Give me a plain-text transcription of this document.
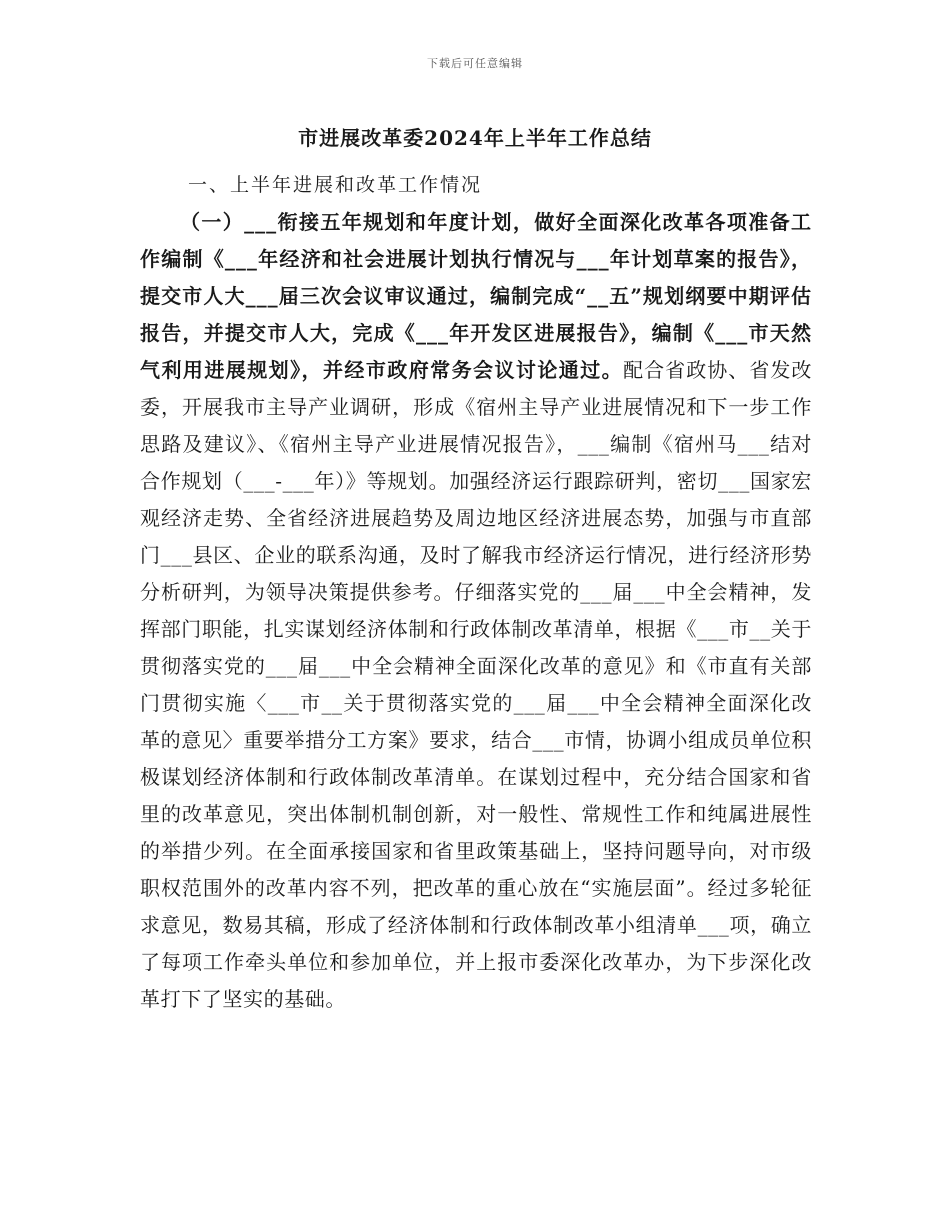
下载后可任意编辑
市进展改革委2024年上半年工作总结
一、上半年进展和改革工作情况

（一）___衔接五年规划和年度计划，做好全面深化改革各项准备工作编制《___年经济和社会进展计划执行情况与___年计划草案的报告》，提交市人大___届三次会议审议通过，编制完成“__五”规划纲要中期评估报告，并提交市人大，完成《___年开发区进展报告》，编制《___市天然气利用进展规划》，并经市政府常务会议讨论通过。配合省政协、省发改委，开展我市主导产业调研，形成《宿州主导产业进展情况和下一步工作思路及建议》、《宿州主导产业进展情况报告》，___编制《宿州马___结对合作规划（___-___年）》等规划。加强经济运行跟踪研判，密切___国家宏观经济走势、全省经济进展趋势及周边地区经济进展态势，加强与市直部门___县区、企业的联系沟通，及时了解我市经济运行情况，进行经济形势分析研判，为领导决策提供参考。仔细落实党的___届___中全会精神，发挥部门职能，扎实谋划经济体制和行政体制改革清单，根据《___市__关于贯彻落实党的___届___中全会精神全面深化改革的意见》和《市直有关部门贯彻实施〈___市__关于贯彻落实党的___届___中全会精神全面深化改革的意见〉重要举措分工方案》要求，结合___市情，协调小组成员单位积极谋划经济体制和行政体制改革清单。在谋划过程中，充分结合国家和省里的改革意见，突出体制机制创新，对一般性、常规性工作和纯属进展性的举措少列。在全面承接国家和省里政策基础上，坚持问题导向，对市级职权范围外的改革内容不列，把改革的重心放在“实施层面”。经过多轮征求意见，数易其稿，形成了经济体制和行政体制改革小组清单___项，确立了每项工作牵头单位和参加单位，并上报市委深化改革办，为下步深化改革打下了坚实的基础。
